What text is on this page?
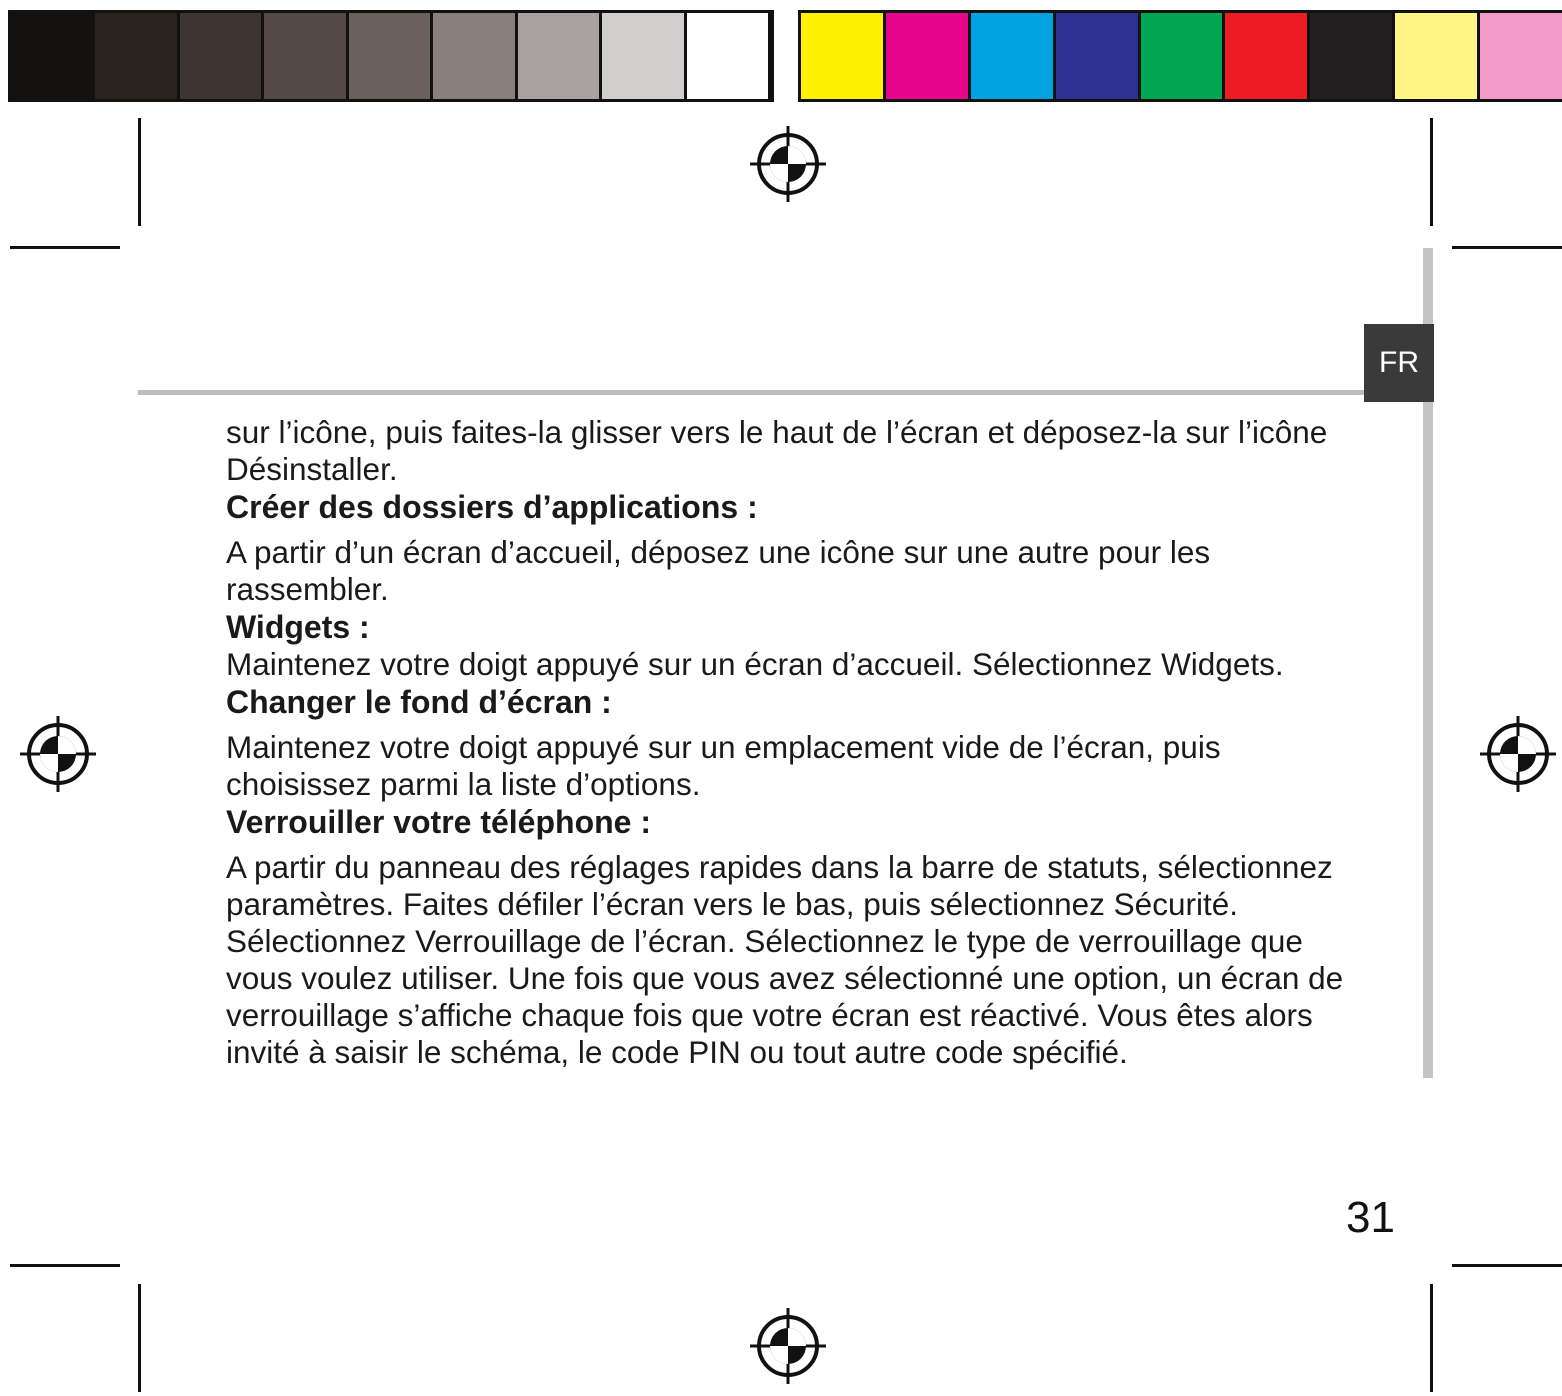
FR

sur l’icône, puis faites-la glisser vers le haut de l’écran et déposez-la sur l’icône Désinstaller.

Créer des dossiers d’applications :

A partir d’un écran d’accueil, déposez une icône sur une autre pour les rassembler.

Widgets :

Maintenez votre doigt appuyé sur un écran d’accueil. Sélectionnez Widgets.

Changer le fond d’écran :

Maintenez votre doigt appuyé sur un emplacement vide de l’écran, puis choisissez parmi la liste d’options.

Verrouiller votre téléphone :

A partir du panneau des réglages rapides dans la barre de statuts, sélectionnez paramètres. Faites défiler l’écran vers le bas, puis sélectionnez Sécurité. Sélectionnez Verrouillage de l’écran. Sélectionnez le type de verrouillage que vous voulez utiliser. Une fois que vous avez sélectionné une option, un écran de verrouillage s’affiche chaque fois que votre écran est réactivé. Vous êtes alors invité à saisir le schéma, le code PIN ou tout autre code spécifié.

31
